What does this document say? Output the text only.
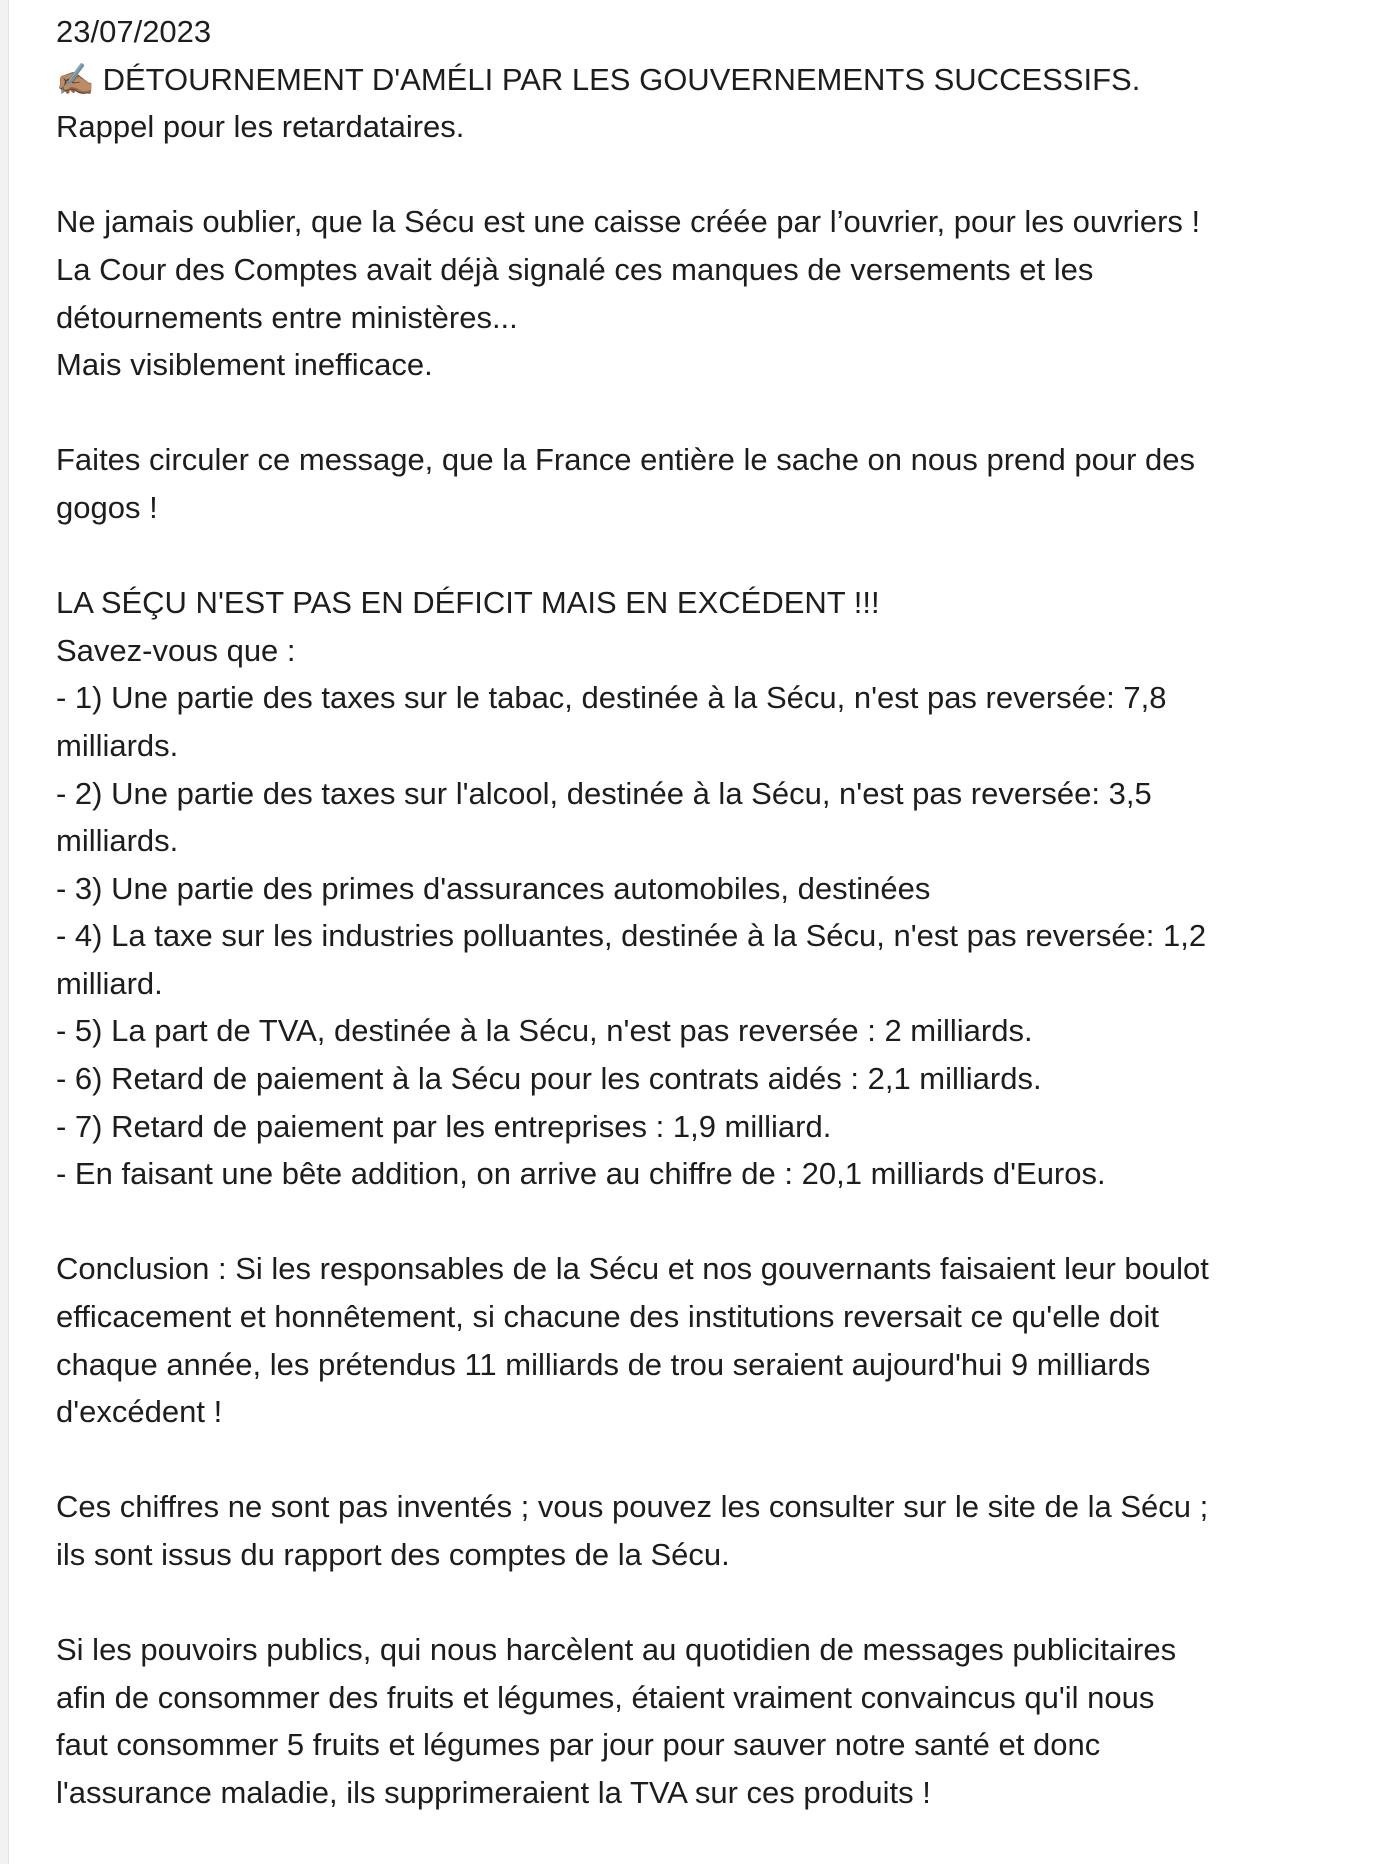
23/07/2023
✍🏽 DÉTOURNEMENT D'AMÉLI PAR LES GOUVERNEMENTS SUCCESSIFS.
Rappel pour les retardataires.
Ne jamais oublier, que la Sécu est une caisse créée par l’ouvrier, pour les ouvriers !
La Cour des Comptes avait déjà signalé ces manques de versements et les
détournements entre ministères...
Mais visiblement inefficace.
Faites circuler ce message, que la France entière le sache on nous prend pour des
gogos !
LA SÉÇU N'EST PAS EN DÉFICIT MAIS EN EXCÉDENT !!!
Savez-vous que :
- 1) Une partie des taxes sur le tabac, destinée à la Sécu, n'est pas reversée: 7,8
milliards.
- 2) Une partie des taxes sur l'alcool, destinée à la Sécu, n'est pas reversée: 3,5
milliards.
- 3) Une partie des primes d'assurances automobiles, destinées
- 4) La taxe sur les industries polluantes, destinée à la Sécu, n'est pas reversée: 1,2
milliard.
- 5) La part de TVA, destinée à la Sécu, n'est pas reversée : 2 milliards.
- 6) Retard de paiement à la Sécu pour les contrats aidés : 2,1 milliards.
- 7) Retard de paiement par les entreprises : 1,9 milliard.
- En faisant une bête addition, on arrive au chiffre de : 20,1 milliards d'Euros.
Conclusion : Si les responsables de la Sécu et nos gouvernants faisaient leur boulot
efficacement et honnêtement, si chacune des institutions reversait ce qu'elle doit
chaque année, les prétendus 11 milliards de trou seraient aujourd'hui 9 milliards
d'excédent !
Ces chiffres ne sont pas inventés ; vous pouvez les consulter sur le site de la Sécu ;
ils sont issus du rapport des comptes de la Sécu.
Si les pouvoirs publics, qui nous harcèlent au quotidien de messages publicitaires
afin de consommer des fruits et légumes, étaient vraiment convaincus qu'il nous
faut consommer 5 fruits et légumes par jour pour sauver notre santé et donc
l'assurance maladie, ils supprimeraient la TVA sur ces produits !
